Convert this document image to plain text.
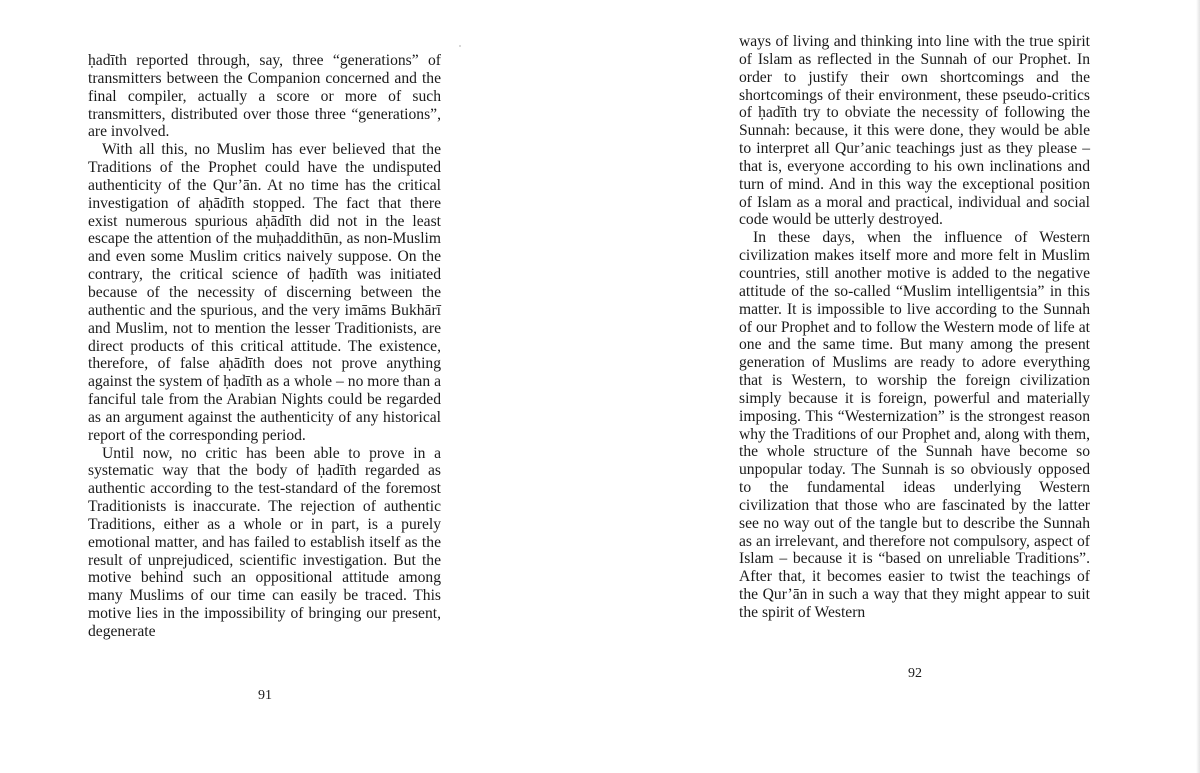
ḥadīth reported through, say, three “generations” of transmitters between the Companion concerned and the final compiler, actually a score or more of such transmitters, distributed over those three “generations”, are involved.

With all this, no Muslim has ever believed that the Traditions of the Prophet could have the undisputed authenticity of the Qur’ān. At no time has the critical investigation of aḥādīth stopped. The fact that there exist numerous spurious aḥādīth did not in the least escape the attention of the muḥaddithūn, as non-Muslim and even some Muslim critics naively suppose. On the contrary, the critical science of ḥadīth was initiated because of the necessity of discerning between the authentic and the spurious, and the very imāms Bukhārī and Muslim, not to mention the lesser Traditionists, are direct products of this critical attitude. The existence, therefore, of false aḥādīth does not prove anything against the system of ḥadīth as a whole – no more than a fanciful tale from the Arabian Nights could be regarded as an argument against the authenticity of any historical report of the corresponding period.

Until now, no critic has been able to prove in a systematic way that the body of ḥadīth regarded as authentic according to the test-standard of the foremost Traditionists is inaccurate. The rejection of authentic Traditions, either as a whole or in part, is a purely emotional matter, and has failed to establish itself as the result of unprejudiced, scientific investigation. But the motive behind such an oppositional attitude among many Muslims of our time can easily be traced. This motive lies in the impossibility of bringing our present, degenerate

91

ways of living and thinking into line with the true spirit of Islam as reflected in the Sunnah of our Prophet. In order to justify their own shortcomings and the shortcomings of their environment, these pseudo-critics of ḥadīth try to obviate the necessity of following the Sunnah: because, it this were done, they would be able to interpret all Qur’anic teachings just as they please – that is, everyone according to his own inclinations and turn of mind. And in this way the exceptional position of Islam as a moral and practical, individual and social code would be utterly destroyed.

In these days, when the influence of Western civilization makes itself more and more felt in Muslim countries, still another motive is added to the negative attitude of the so-called “Muslim intelligentsia” in this matter. It is impossible to live according to the Sunnah of our Prophet and to follow the Western mode of life at one and the same time. But many among the present generation of Muslims are ready to adore everything that is Western, to worship the foreign civilization simply because it is foreign, powerful and materially imposing. This “Westernization” is the strongest reason why the Traditions of our Prophet and, along with them, the whole structure of the Sunnah have become so unpopular today. The Sunnah is so obviously opposed to the fundamental ideas underlying Western civilization that those who are fascinated by the latter see no way out of the tangle but to describe the Sunnah as an irrelevant, and therefore not compulsory, aspect of Islam – because it is “based on unreliable Traditions”. After that, it becomes easier to twist the teachings of the Qur’ān in such a way that they might appear to suit the spirit of Western

92
